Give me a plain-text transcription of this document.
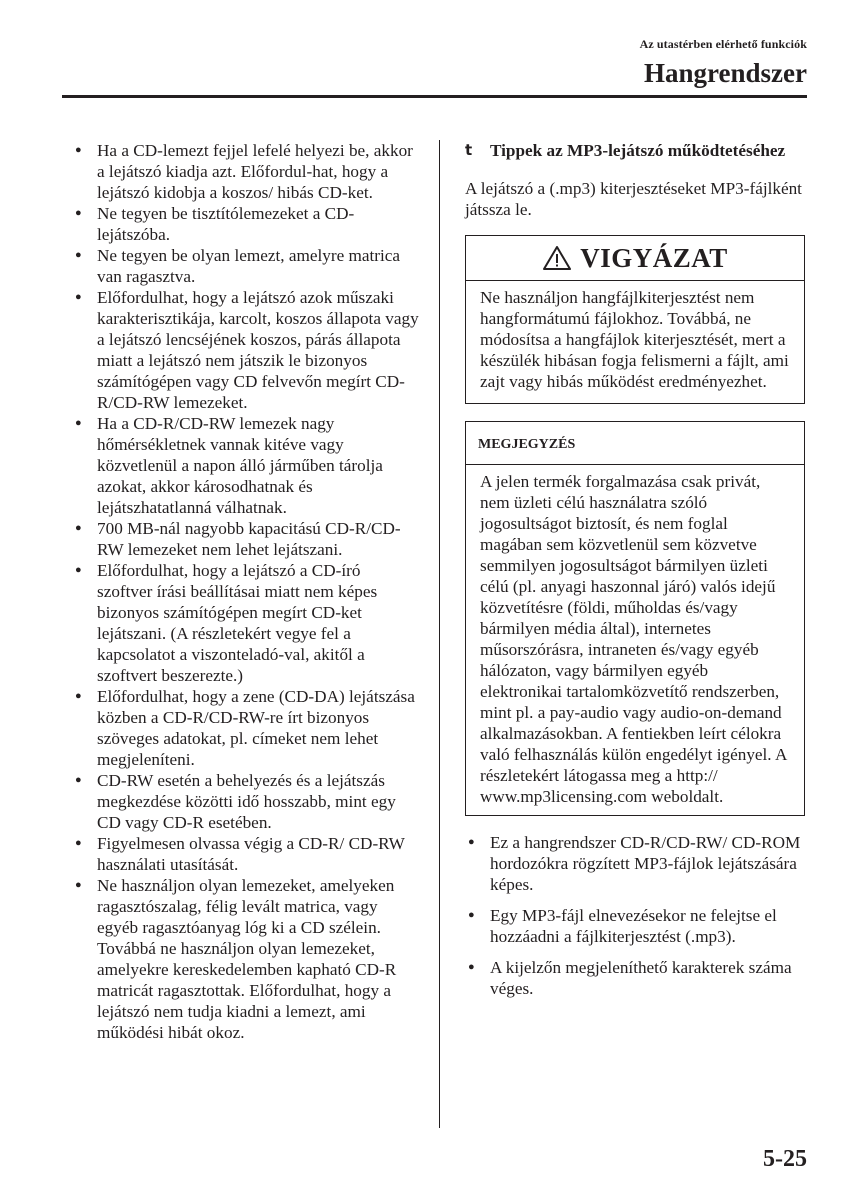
Az utastérben elérhető funkciók
Hangrendszer
● Ha a CD-lemezt fejjel lefelé helyezi be, akkor a lejátszó kiadja azt. Előfordul-hat, hogy a lejátszó kidobja a koszos/ hibás CD-ket.
● Ne tegyen be tisztítólemezeket a CD-lejátszóba.
● Ne tegyen be olyan lemezt, amelyre matrica van ragasztva.
● Előfordulhat, hogy a lejátszó azok műszaki karakterisztikája, karcolt, koszos állapota vagy a lejátszó lencséjének koszos, párás állapota miatt a lejátszó nem játszik le bizonyos számítógépen vagy CD felvevőn megírt CD-R/CD-RW lemezeket.
● Ha a CD-R/CD-RW lemezek nagy hőmérsékletnek vannak kitéve vagy közvetlenül a napon álló járműben tárolja azokat, akkor károsodhatnak és lejátszhatatlanná válhatnak.
● 700 MB-nál nagyobb kapacitású CD-R/CD-RW lemezeket nem lehet lejátszani.
● Előfordulhat, hogy a lejátszó a CD-író szoftver írási beállításai miatt nem képes bizonyos számítógépen megírt CD-ket lejátszani. (A részletekért vegye fel a kapcsolatot a viszonteladó-val, akitől a szoftvert beszerezte.)
● Előfordulhat, hogy a zene (CD-DA) lejátszása közben a CD-R/CD-RW-re írt bizonyos szöveges adatokat, pl. címeket nem lehet megjeleníteni.
● CD-RW esetén a behelyezés és a lejátszás megkezdése közötti idő hosszabb, mint egy CD vagy CD-R esetében.
● Figyelmesen olvassa végig a CD-R/ CD-RW használati utasítását.
● Ne használjon olyan lemezeket, amelyeken ragasztószalag, félig levált matrica, vagy egyéb ragasztóanyag lóg ki a CD szélein. Továbbá ne használjon olyan lemezeket, amelyekre kereskedelemben kapható CD-R matricát ragasztottak. Előfordulhat, hogy a lejátszó nem tudja kiadni a lemezt, ami működési hibát okoz.
t Tippek az MP3-lejátszó működtetéséhez
A lejátszó a (.mp3) kiterjesztéseket MP3-fájlként játssza le.
VIGYÁZAT
Ne használjon hangfájlkiterjesztést nem hangformátumú fájlokhoz. Továbbá, ne módosítsa a hangfájlok kiterjesztését, mert a készülék hibásan fogja felismerni a fájlt, ami zajt vagy hibás működést eredményezhet.
MEGJEGYZÉS
A jelen termék forgalmazása csak privát, nem üzleti célú használatra szóló jogosultságot biztosít, és nem foglal magában sem közvetlenül sem közvetve semmilyen jogosultságot bármilyen üzleti célú (pl. anyagi haszonnal járó) valós idejű közvetítésre (földi, műholdas és/vagy bármilyen média által), internetes műsorszórásra, intraneten és/vagy egyéb hálózaton, vagy bármilyen egyéb elektronikai tartalomközvetítő rendszerben, mint pl. a pay-audio vagy audio-on-demand alkalmazásokban. A fentiekben leírt célokra való felhasználás külön engedélyt igényel. A részletekért látogassa meg a http:// www.mp3licensing.com weboldalt.
● Ez a hangrendszer CD-R/CD-RW/ CD-ROM hordozókra rögzített MP3-fájlok lejátszására képes.
● Egy MP3-fájl elnevezésekor ne felejtse el hozzáadni a fájlkiterjesztést (.mp3).
● A kijelzőn megjeleníthető karakterek száma véges.
5-25
